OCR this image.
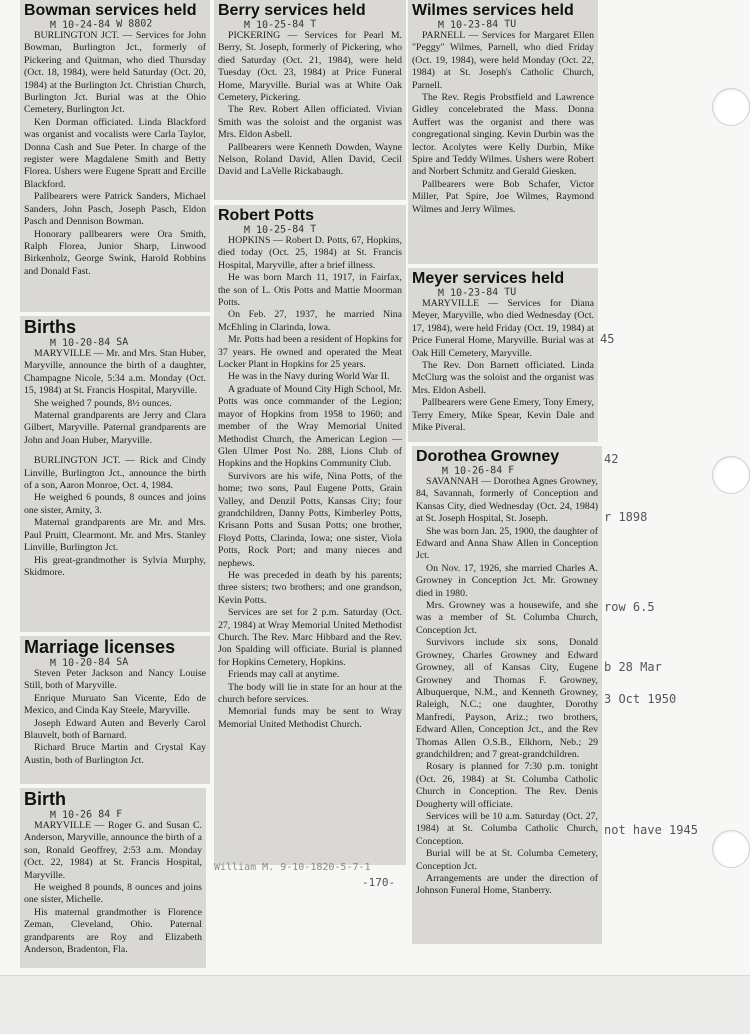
Bowman services held
M 10-24-84 W 8802

BURLINGTON JCT. — Services for John Bowman, Burlington Jct., formerly of Pickering and Quitman, who died Thursday (Oct. 18, 1984), were held Saturday (Oct. 20, 1984) at the Burlington Jct. Christian Church, Burlington Jct. Burial was at the Ohio Cemetery, Burlington Jct.

Ken Dorman officiated. Linda Blackford was organist and vocalists were Carla Taylor, Donna Cash and Sue Peter. In charge of the register were Magdalene Smith and Betty Florea. Ushers were Eugene Spratt and Ercille Blackford.

Pallbearers were Patrick Sanders, Michael Sanders, John Pasch, Joseph Pasch, Eldon Pasch and Dennison Bowman.

Honorary pallbearers were Ora Smith, Ralph Florea, Junior Sharp, Linwood Birkenholz, George Swink, Harold Robbins and Donald Fast.

Births
M 10-20-84 SA

MARYVILLE — Mr. and Mrs. Stan Huber, Maryville, announce the birth of a daughter, Champagne Nicole, 5:34 a.m. Monday (Oct. 15, 1984) at St. Francis Hospital, Maryville.

She weighed 7 pounds, 8½ ounces.

Maternal grandparents are Jerry and Clara Gilbert, Maryville. Paternal grandparents are John and Joan Huber, Maryville.

BURLINGTON JCT. — Rick and Cindy Linville, Burlington Jct., announce the birth of a son, Aaron Monroe, Oct. 4, 1984.

He weighed 6 pounds, 8 ounces and joins one sister, Amity, 3.

Maternal grandparents are Mr. and Mrs. Paul Pruitt, Clearmont. Mr. and Mrs. Stanley Linville, Burlington Jct.

His great-grandmother is Sylvia Murphy, Skidmore.

Marriage licenses
M 10-20-84 SA

Steven Peter Jackson and Nancy Louise Still, both of Maryville.

Enrique Muruato San Vicente, Edo de Mexico, and Cinda Kay Steele, Maryville.

Joseph Edward Auten and Beverly Carol Blauvelt, both of Barnard.

Richard Bruce Martin and Crystal Kay Austin, both of Burlington Jct.

Birth
M 10-26 84 F

MARYVILLE — Roger G. and Susan C. Anderson, Maryville, announce the birth of a son, Ronald Geoffrey, 2:53 a.m. Monday (Oct. 22, 1984) at St. Francis Hospital, Maryville.

He weighed 8 pounds, 8 ounces and joins one sister, Michelle.

His maternal grandmother is Florence Zeman, Cleveland, Ohio. Paternal grandparents are Roy and Elizabeth Anderson, Bradenton, Fla.

Berry services held
M 10-25-84 T

PICKERING — Services for Pearl M. Berry, St. Joseph, formerly of Pickering, who died Saturday (Oct. 21, 1984), were held Tuesday (Oct. 23, 1984) at Price Funeral Home, Maryville. Burial was at White Oak Cemetery, Pickering.

The Rev. Robert Allen officiated. Vivian Smith was the soloist and the organist was Mrs. Eldon Asbell.

Pallbearers were Kenneth Dowden, Wayne Nelson, Roland David, Allen David, Cecil David and LaVelle Rickabaugh.

Robert Potts
M 10-25-84 T

HOPKINS — Robert D. Potts, 67, Hopkins, died today (Oct. 25, 1984) at St. Francis Hospital, Maryville, after a brief illness.

He was born March 11, 1917, in Fairfax, the son of L. Otis Potts and Mattie Moorman Potts.

On Feb. 27, 1937, he married Nina McEhling in Clarinda, Iowa.

Mr. Potts had been a resident of Hopkins for 37 years. He owned and operated the Meat Locker Plant in Hopkins for 25 years.

He was in the Navy during World War II.

A graduate of Mound City High School, Mr. Potts was once commander of the Legion; mayor of Hopkins from 1958 to 1960; and member of the Wray Memorial United Methodist Church, the American Legion — Glen Ulmer Post No. 288, Lions Club of Hopkins and the Hopkins Community Club.

Survivors are his wife, Nina Potts, of the home; two sons, Paul Eugene Potts, Grain Valley, and Denzil Potts, Kansas City; four grandchildren, Danny Potts, Kimberley Potts, Krisann Potts and Susan Potts; one brother, Floyd Potts, Clarinda, Iowa; one sister, Viola Potts, Rock Port; and many nieces and nephews.

He was preceded in death by his parents; three sisters; two brothers; and one grandson, Kevin Potts.

Services are set for 2 p.m. Saturday (Oct. 27, 1984) at Wray Memorial United Methodist Church. The Rev. Marc Hibbard and the Rev. Jon Spalding will officiate. Burial is planned for Hopkins Cemetery, Hopkins.

Friends may call at anytime.

The body will lie in state for an hour at the church before services.

Memorial funds may be sent to Wray Memorial United Methodist Church.

Wilmes services held
M 10-23-84 TU

PARNELL — Services for Margaret Ellen "Peggy" Wilmes, Parnell, who died Friday (Oct. 19, 1984), were held Monday (Oct. 22, 1984) at St. Joseph's Catholic Church, Parnell.

The Rev. Regis Probstfield and Lawrence Gidley concelebrated the Mass. Donna Auffert was the organist and there was congregational singing. Kevin Durbin was the lector. Acolytes were Kelly Durbin, Mike Spire and Teddy Wilmes. Ushers were Robert and Norbert Schmitz and Gerald Giesken.

Pallbearers were Bob Schafer, Victor Miller, Pat Spire, Joe Wilmes, Raymond Wilmes and Jerry Wilmes.

Meyer services held
M 10-23-84 TU

MARYVILLE — Services for Diana Meyer, Maryville, who died Wednesday (Oct. 17, 1984), were held Friday (Oct. 19, 1984) at Price Funeral Home, Maryville. Burial was at Oak Hill Cemetery, Maryville.

The Rev. Don Barnett officiated. Linda McClurg was the soloist and the organist was Mrs. Eldon Asbell.

Pallbearers were Gene Emery, Tony Emery, Terry Emery, Mike Spear, Kevin Dale and Mike Piveral.

Dorothea Growney
M 10-26-84 F

SAVANNAH — Dorothea Agnes Growney, 84, Savannah, formerly of Conception and Kansas City, died Wednesday (Oct. 24, 1984) at St. Joseph Hospital, St. Joseph.

She was born Jan. 25, 1900, the daughter of Edward and Anna Shaw Allen in Conception Jct.

On Nov. 17, 1926, she married Charles A. Growney in Conception Jct. Mr. Growney died in 1980.

Mrs. Growney was a housewife, and she was a member of St. Columba Church, Conception Jct.

Survivors include six sons, Donald Growney, Charles Growney and Edward Growney, all of Kansas City, Eugene Growney and Thomas F. Growney, Albuquerque, N.M., and Kenneth Growney, Raleigh, N.C.; one daughter, Dorothy Manfredi, Payson, Ariz.; two brothers, Edward Allen, Conception Jct., and the Rev Thomas Allen O.S.B., Elkhorn, Neb.; 29 grandchildren; and 7 great-grandchildren.

Rosary is planned for 7:30 p.m. tonight (Oct. 26, 1984) at St. Columba Catholic Church in Conception. The Rev. Denis Dougherty will officiate.

Services will be 10 a.m. Saturday (Oct. 27, 1984) at St. Columba Catholic Church, Conception.

Burial will be at St. Columba Cemetery, Conception Jct.

Arrangements are under the direction of Johnson Funeral Home, Stanberry.

45
42
r 1898
row 6.5
b 28 Mar
3 Oct 1950
not have 1945
William M. 9-10-1820-5-7-1
-170-
